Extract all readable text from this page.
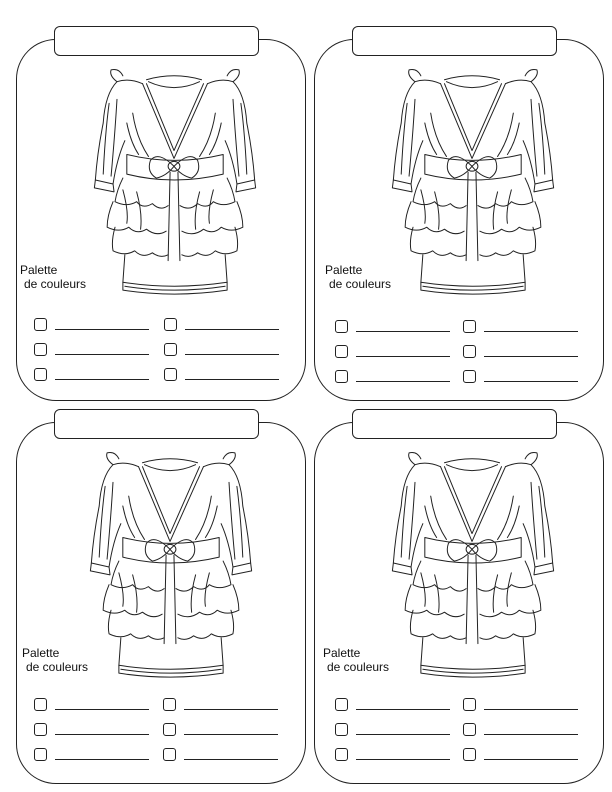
Palette
de couleurs
Palette
de couleurs
Palette
de couleurs
Palette
de couleurs
